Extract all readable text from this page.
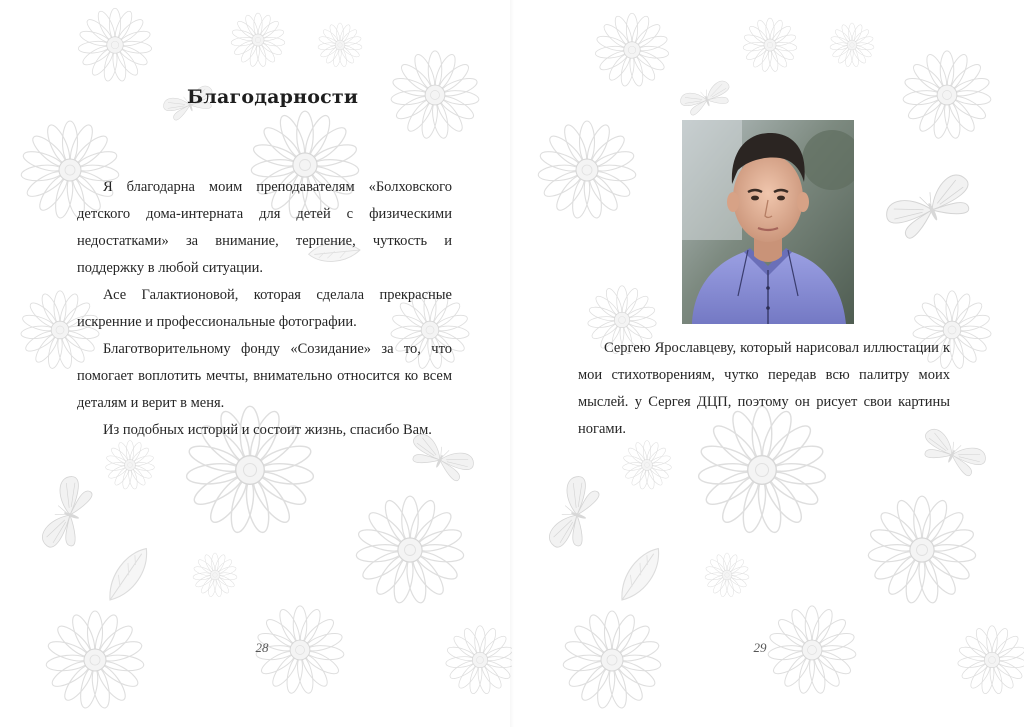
Благодарности

Я благодарна моим преподавателям «Болховского детского дома-интерната для детей с физическими недостатками» за внимание, терпение, чуткость и поддержку в любой ситуации.

Асе Галактионовой, которая сделала прекрасные искренние и профессиональные фотографии.

Благотворительному фонду «Созидание» за то, что помогает воплотить мечты, внимательно относится ко всем деталям и верит в меня.

Из подобных историй и состоит жизнь, спасибо Вам.

28

Сергею Ярославцеву, который нарисовал иллюстации к мои стихотворениям, чутко передав всю палитру моих мыслей. у Сергея ДЦП, поэтому он рисует свои картины ногами.

29
